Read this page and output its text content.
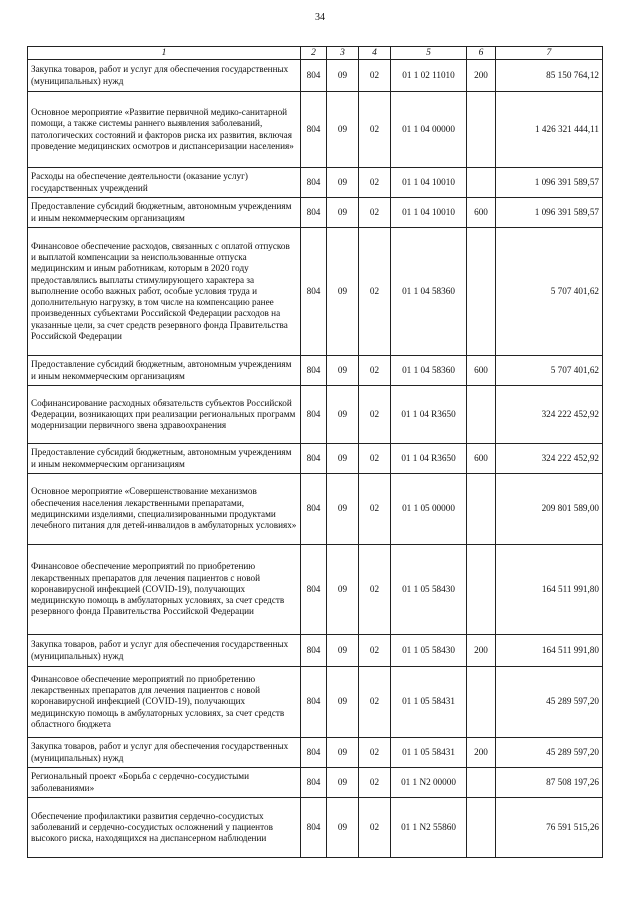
34
1	2	3	4	5	6	7
Закупка товаров, работ и услуг для обеспечения государственных (муниципальных) нужд	804	09	02	01 1 02 11010	200	85 150 764,12
Основное мероприятие «Развитие первичной медико-санитарной помощи, а также системы раннего выявления заболеваний, патологических состояний и факторов риска их развития, включая проведение медицинских осмотров и диспансеризации населения»	804	09	02	01 1 04 00000		1 426 321 444,11
Расходы на обеспечение деятельности (оказание услуг) государственных учреждений	804	09	02	01 1 04 10010		1 096 391 589,57
Предоставление субсидий бюджетным, автономным учреждениям и иным некоммерческим организациям	804	09	02	01 1 04 10010	600	1 096 391 589,57
Финансовое обеспечение расходов, связанных с оплатой отпусков и выплатой компенсации за неиспользованные отпуска медицинским и иным работникам, которым в 2020 году предоставлялись выплаты стимулирующего характера за выполнение особо важных работ, особые условия труда и дополнительную нагрузку, в том числе на компенсацию ранее произведенных субъектами Российской Федерации расходов на указанные цели, за счет средств резервного фонда Правительства Российской Федерации	804	09	02	01 1 04 58360		5 707 401,62
Предоставление субсидий бюджетным, автономным учреждениям и иным некоммерческим организациям	804	09	02	01 1 04 58360	600	5 707 401,62
Софинансирование расходных обязательств субъектов Российской Федерации, возникающих при реализации региональных программ модернизации первичного звена здравоохранения	804	09	02	01 1 04 R3650		324 222 452,92
Предоставление субсидий бюджетным, автономным учреждениям и иным некоммерческим организациям	804	09	02	01 1 04 R3650	600	324 222 452,92
Основное мероприятие «Совершенствование механизмов обеспечения населения лекарственными препаратами, медицинскими изделиями, специализированными продуктами лечебного питания для детей-инвалидов в амбулаторных условиях»	804	09	02	01 1 05 00000		209 801 589,00
Финансовое обеспечение мероприятий по приобретению лекарственных препаратов для лечения пациентов с новой коронавирусной инфекцией (COVID-19), получающих медицинскую помощь в амбулаторных условиях, за счет средств резервного фонда Правительства Российской Федерации	804	09	02	01 1 05 58430		164 511 991,80
Закупка товаров, работ и услуг для обеспечения государственных (муниципальных) нужд	804	09	02	01 1 05 58430	200	164 511 991,80
Финансовое обеспечение мероприятий по приобретению лекарственных препаратов для лечения пациентов с новой коронавирусной инфекцией (COVID-19), получающих медицинскую помощь в амбулаторных условиях, за счет средств областного бюджета	804	09	02	01 1 05 58431		45 289 597,20
Закупка товаров, работ и услуг для обеспечения государственных (муниципальных) нужд	804	09	02	01 1 05 58431	200	45 289 597,20
Региональный проект «Борьба с сердечно-сосудистыми заболеваниями»	804	09	02	01 1 N2 00000		87 508 197,26
Обеспечение профилактики развития сердечно-сосудистых заболеваний и сердечно-сосудистых осложнений у пациентов высокого риска, находящихся на диспансерном наблюдении	804	09	02	01 1 N2 55860		76 591 515,26
